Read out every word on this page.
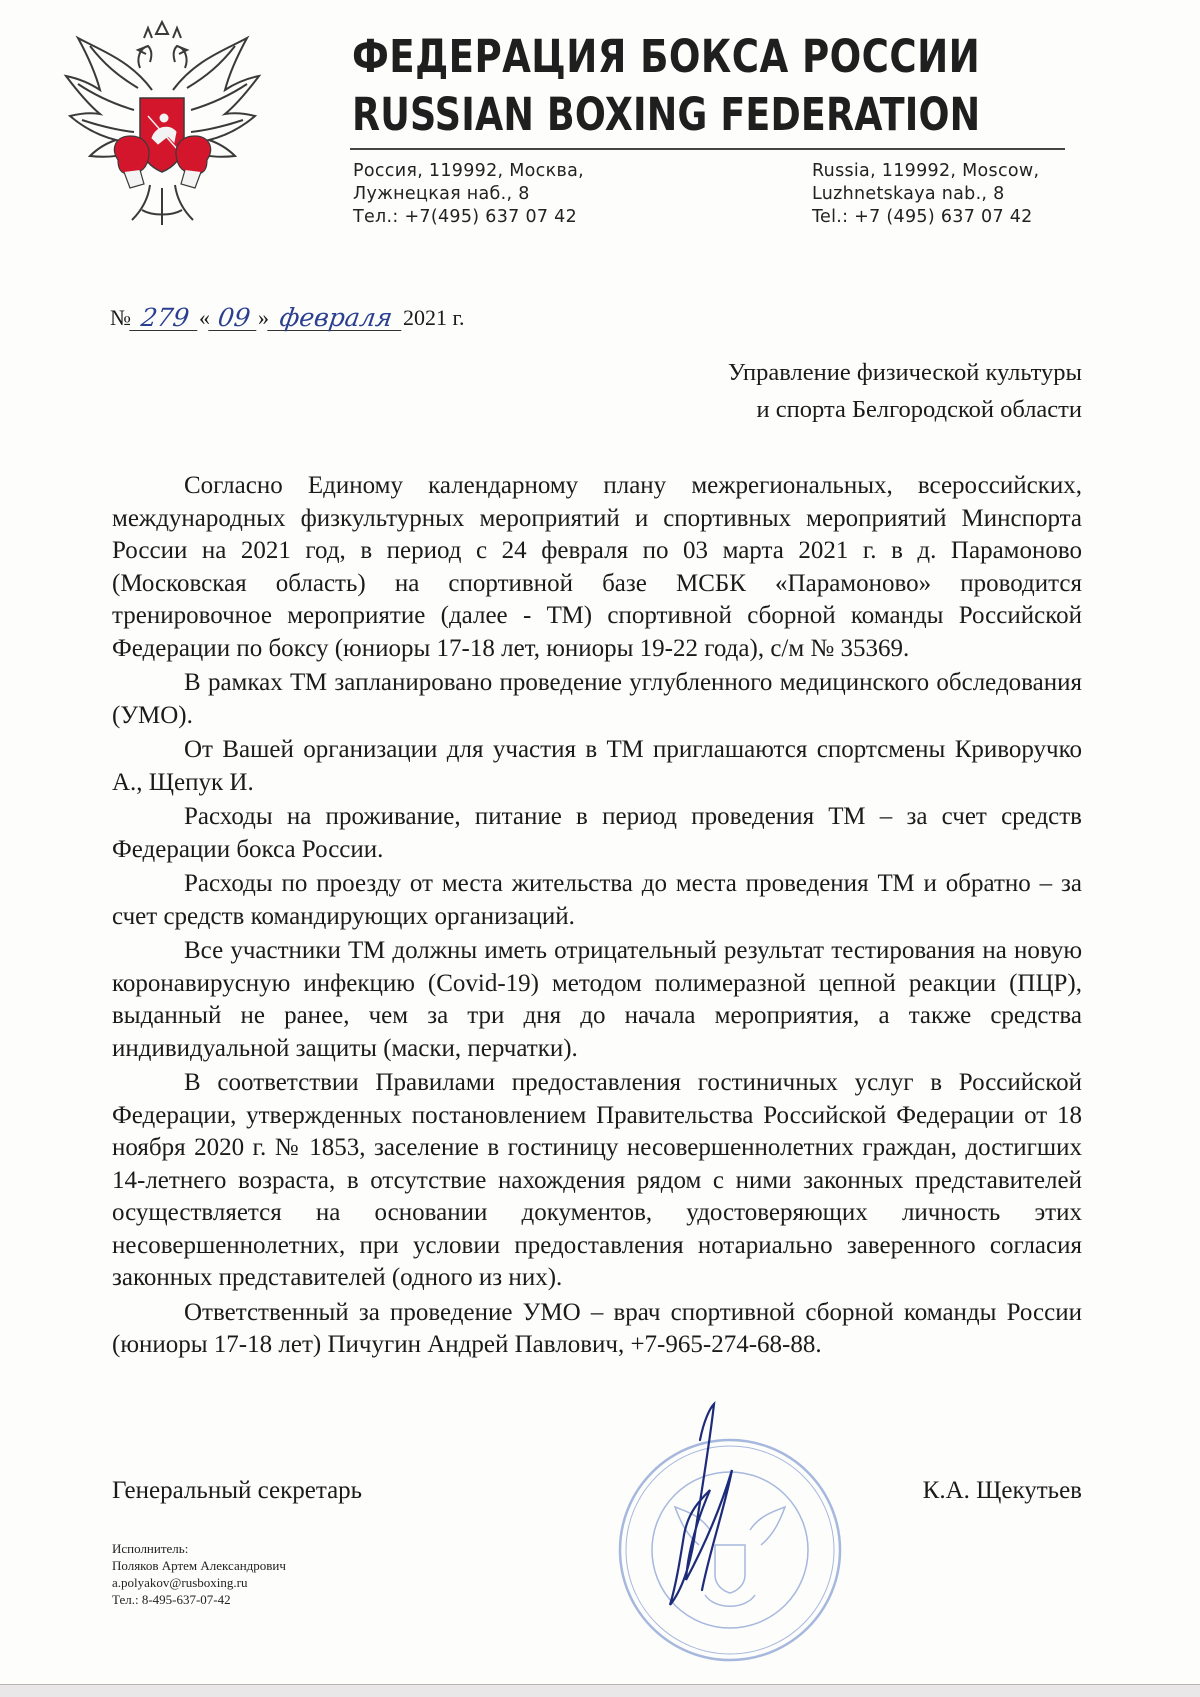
ФЕДЕРАЦИЯ БОКСА РОССИИ
RUSSIAN BOXING FEDERATION
Россия, 119992, Москва,
Лужнецкая наб., 8
Тел.: +7(495) 637 07 42
Russia, 119992, Moscow,
Luzhnetskaya nab., 8
Tel.: +7 (495) 637 07 42
№ 279 « 09 » февраля 2021 г.
Управление физической культуры
и спорта Белгородской области

Согласно Единому календарному плану межрегиональных, всероссийских, международных физкультурных мероприятий и спортивных мероприятий Минспорта России на 2021 год, в период с 24 февраля по 03 марта 2021 г. в д. Парамоново (Московская область) на спортивной базе МСБК «Парамоново» проводится тренировочное мероприятие (далее - ТМ) спортивной сборной команды Российской Федерации по боксу (юниоры 17-18 лет, юниоры 19-22 года), с/м № 35369.

В рамках ТМ запланировано проведение углубленного медицинского обследования (УМО).

От Вашей организации для участия в ТМ приглашаются спортсмены Криворучко А., Щепук И.

Расходы на проживание, питание в период проведения ТМ – за счет средств Федерации бокса России.

Расходы по проезду от места жительства до места проведения ТМ и обратно – за счет средств командирующих организаций.

Все участники ТМ должны иметь отрицательный результат тестирования на новую коронавирусную инфекцию (Covid-19) методом полимеразной цепной реакции (ПЦР), выданный не ранее, чем за три дня до начала мероприятия, а также средства индивидуальной защиты (маски, перчатки).

В соответствии Правилами предоставления гостиничных услуг в Российской Федерации, утвержденных постановлением Правительства Российской Федерации от 18 ноября 2020 г. № 1853, заселение в гостиницу несовершеннолетних граждан, достигших 14-летнего возраста, в отсутствие нахождения рядом с ними законных представителей осуществляется на основании документов, удостоверяющих личность этих несовершеннолетних, при условии предоставления нотариально заверенного согласия законных представителей (одного из них).

Ответственный за проведение УМО – врач спортивной сборной команды России (юниоры 17-18 лет) Пичугин Андрей Павлович, +7-965-274-68-88.

Генеральный секретарь	К.А. Щекутьев
Исполнитель:
Поляков Артем Александрович
a.polyakov@rusboxing.ru
Тел.: 8-495-637-07-42
